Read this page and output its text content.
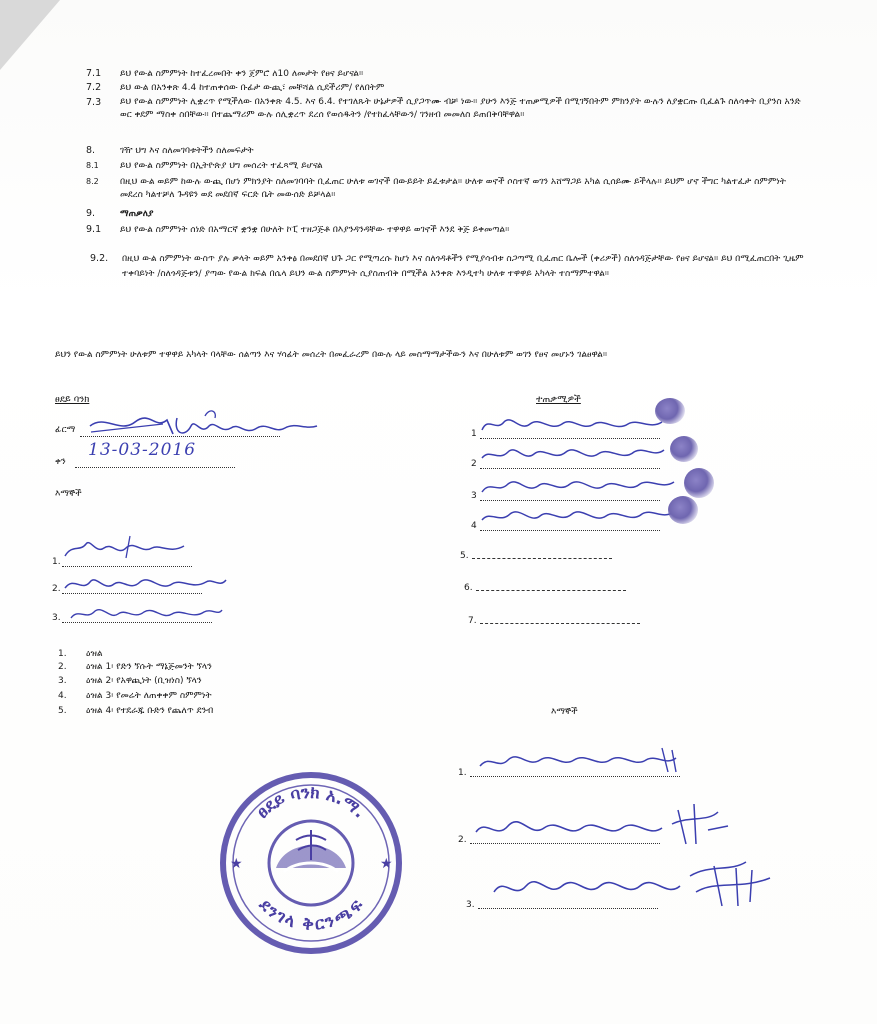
7.1 ይህ የውል ስምምነት ከተፈረመበት ቀን ጀምሮ ለ10 ለመታት የፀና ይሆናል።
7.2 ይህ ውል በአንቀጽ 4.4 ከተጠቀሰው ቡፊታ ውጪ፣ መቸሻል ሲደችሪም/ የለበትም
7.3 ይህ የውል ስምምነት ሊቋረጥ የሚችለው በአንቀጽ 4.5. እና 6.4. የተገለጹት ሁኔታዎች ሲያጋጥሙ ብቻ ነው። ያሁን እንጅ ተጠቃሚዎች በሚገኝበትም ምክንያት ውሉን ለያቋርጡ ቢፈልጉ ስለሳቀት ቢያንስ አንድ ወር ቀደም ማስቀ ስበቸው። በተጨማሪም ውሉ ሰሊቋረጥ ደረሰ የወሰዱትን /የተከፈላቸውን/ ገንዘብ መመለስ ይጠበቅባቸዋል።
8.	ገዥ ህግ እና ስለመገባቱትችን ስለመፍታት
8.1 ይህ የውል ስምምነት በኢትዮጵያ ህግ መሰረት ተፈጻሚ ይሆናል
8.2 በዚህ ውል ወይም ከውሉ ውጪ በሆነ ምክንያት ስለመገባባት ቢፈጠር ሁለቱ ወገኖች በውይይት ይፈቱታል። ሁለቱ ወኖች ሶስተኛ ወገን አሸማጋይ አካል ሲሰይሙ ይችላሉ። ይህም ሆኖ ችግር ካልተፈታ ስምምነት መደረስ ካልተቻለ ጉዳዩን ወደ መደበኛ ፍርድ ቤት መውሰድ ይቻላል።
9.	ማጠቃለያ
9.1 ይህ የውል ስምምነት ሰነድ በአማርኛ ቋንቋ በሁለት ኮፒ ተዘጋጅቶ በእያንዳንዳቸው ተዋዋይ ወገኖች እንደ ቅጅ ይቀመጣል።
9.2. በዚህ ውል ስምምነት ውስጥ ያሉ ቃላት ወይም አንቀፅ በመደበኛ ህጉ ጋር የሚጣረሱ ከሆነ እና ስለጎዳቶችን የሚያሳብቱ ስጋጣሚ ቢፈጠር ቤሎች (ቀሪዎች) ስለጎዳጅታቸው የፀና ይሆናል። ይህ በሚፈጠርበት ጊዜም ተቀባይነት /ስለጎዳጅቱን/ ያጣው የውል ክፍል በሴላ ይህን ውል ስምምነት ሲያስጠብቅ በሚችል አንቀጽ እንዲተካ ሁለቱ ተዋዋይ አካላት ተስማምተዋል።
ይህን የውል ስምምነት ሁለቱም ተዋዋይ አካላት ባላቸው ሰልጣን እና ሃሳፊት መሰረት በመፈራረም በውሉ ላይ መስማማታችውን እና በሁለቱም ወገን የፀና መሆኑን ገልፀዋል።
ፀደይ ባንክ
ፊርማ
ቀን
13-03-2016
እማኞች
1.
2.
3.
ተጠቃሚዎች
1
2
3
4
5.
6.
7.
1. ዕዝል
2. ዕዝል 1፡ የድን ኘሱት ማኔጅመንት ኘላን
3. ዕዝል 2፡ የአዋጪነት (ቢዝነስ) ኘላን
4. ዕዝል 3፡ የመሬት ለጠቀቀም ስምምነት
5. ዕዝል 4፡ የተደራጁ ቡድን የጨለጥ ደንብ	እማኞች
1.
2.
3.
ፀደይ ባንክ አ.ማ.
ደንገላ ቅርንጫፍ
★	★
